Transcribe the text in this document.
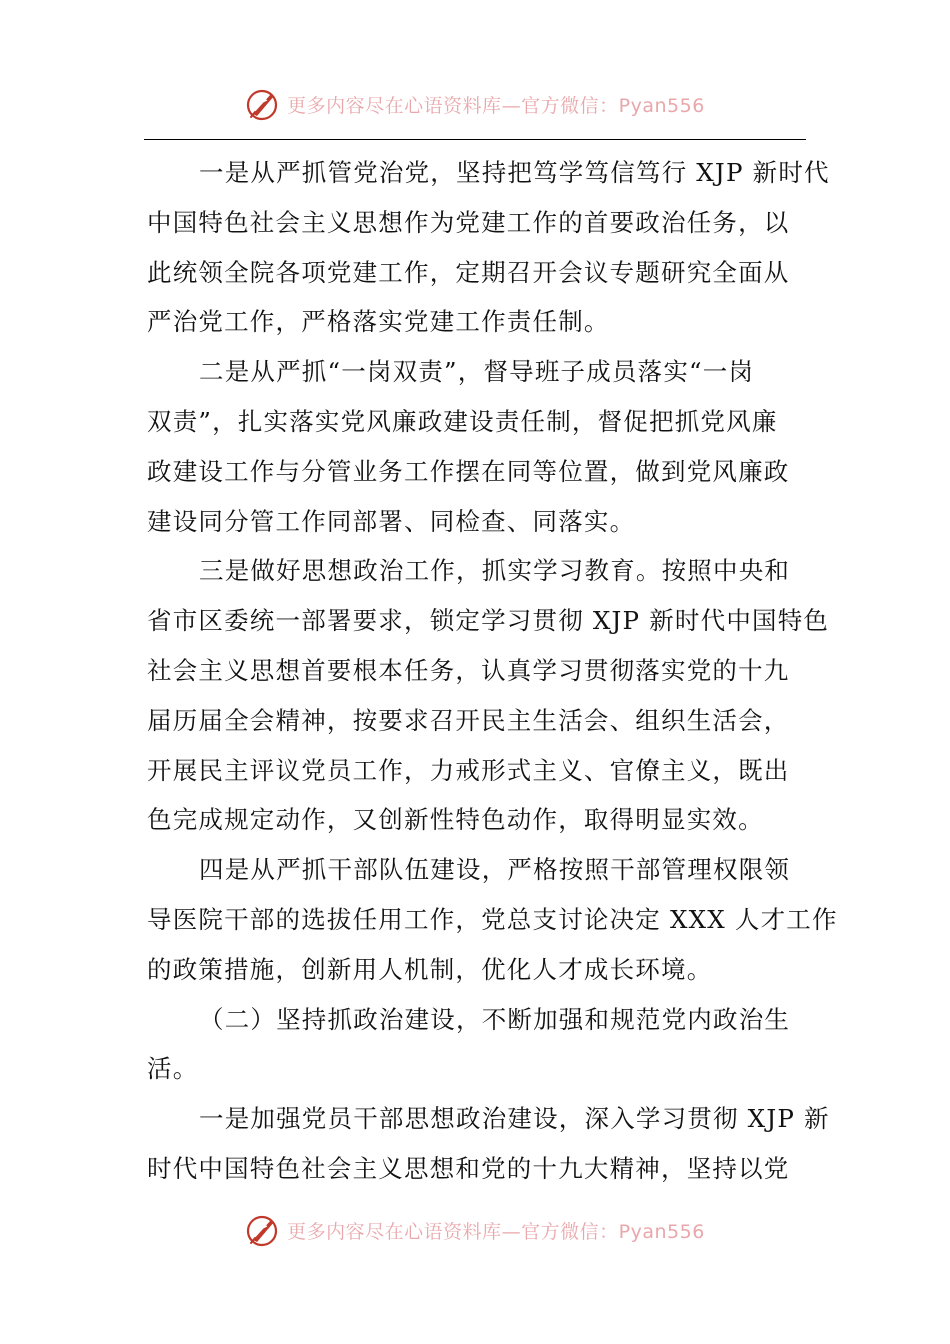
更多内容尽在心语资料库—官方微信：Pyan556
一是从严抓管党治党，坚持把笃学笃信笃行 XJP 新时代
中国特色社会主义思想作为党建工作的首要政治任务，以
此统领全院各项党建工作，定期召开会议专题研究全面从
严治党工作，严格落实党建工作责任制。
二是从严抓“一岗双责”，督导班子成员落实“一岗
双责”，扎实落实党风廉政建设责任制，督促把抓党风廉
政建设工作与分管业务工作摆在同等位置，做到党风廉政
建设同分管工作同部署、同检查、同落实。
三是做好思想政治工作，抓实学习教育。按照中央和
省市区委统一部署要求，锁定学习贯彻 XJP 新时代中国特色
社会主义思想首要根本任务，认真学习贯彻落实党的十九
届历届全会精神，按要求召开民主生活会、组织生活会，
开展民主评议党员工作，力戒形式主义、官僚主义，既出
色完成规定动作，又创新性特色动作，取得明显实效。
四是从严抓干部队伍建设，严格按照干部管理权限领
导医院干部的选拔任用工作，党总支讨论决定 XXX 人才工作
的政策措施，创新用人机制，优化人才成长环境。
（二）坚持抓政治建设，不断加强和规范党内政治生
活。
一是加强党员干部思想政治建设，深入学习贯彻 XJP 新
时代中国特色社会主义思想和党的十九大精神，坚持以党
更多内容尽在心语资料库—官方微信：Pyan556
